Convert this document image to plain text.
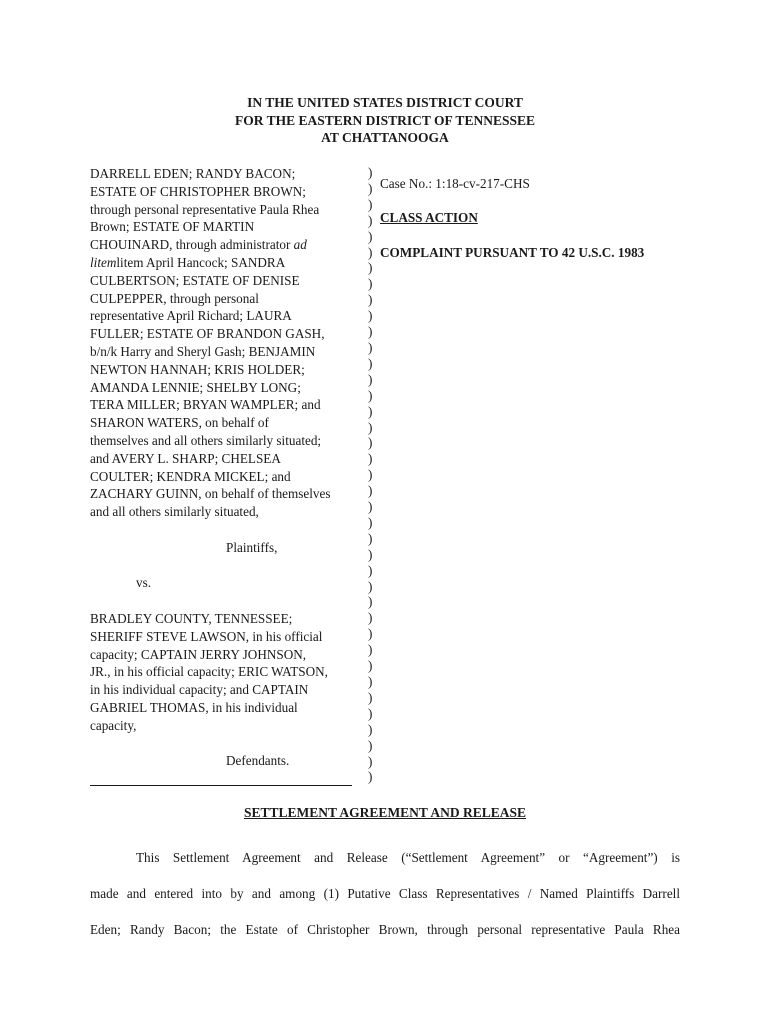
IN THE UNITED STATES DISTRICT COURT
FOR THE EASTERN DISTRICT OF TENNESSEE
AT CHATTANOOGA

DARRELL EDEN; RANDY BACON;

ESTATE OF CHRISTOPHER BROWN;

through personal representative Paula Rhea

Brown; ESTATE OF MARTIN

CHOUINARD, through administrator ad

litemlitem April Hancock; SANDRA

CULBERTSON; ESTATE OF DENISE

CULPEPPER, through personal

representative April Richard; LAURA

FULLER; ESTATE OF BRANDON GASH,

b/n/k Harry and Sheryl Gash; BENJAMIN

NEWTON HANNAH; KRIS HOLDER;

AMANDA LENNIE; SHELBY LONG;

TERA MILLER; BRYAN WAMPLER; and

SHARON WATERS, on behalf of

themselves and all others similarly situated;

and AVERY L. SHARP; CHELSEA

COULTER; KENDRA MICKEL; and

ZACHARY GUINN, on behalf of themselves

and all others similarly situated,

Plaintiffs,

vs.

BRADLEY COUNTY, TENNESSEE;

SHERIFF STEVE LAWSON, in his official

capacity; CAPTAIN JERRY JOHNSON,

JR., in his official capacity; ERIC WATSON,

in his individual capacity; and CAPTAIN

GABRIEL THOMAS, in his individual

capacity,

Defendants.

)
)
)
)
)
)
)
)
)
)
)
)
)
)
)
)
)
)
)
)
)
)
)
)
)
)
)
)
)
)
)
)
)
)
)
)
)
)
)

Case No.: 1:18-cv-217-CHS

CLASS ACTION

COMPLAINT PURSUANT TO 42 U.S.C. 1983

SETTLEMENT AGREEMENT AND RELEASE

This Settlement Agreement and Release (“Settlement Agreement” or “Agreement”) is
made and entered into by and among (1) Putative Class Representatives / Named Plaintiffs Darrell
Eden; Randy Bacon; the Estate of Christopher Brown, through personal representative Paula Rhea
